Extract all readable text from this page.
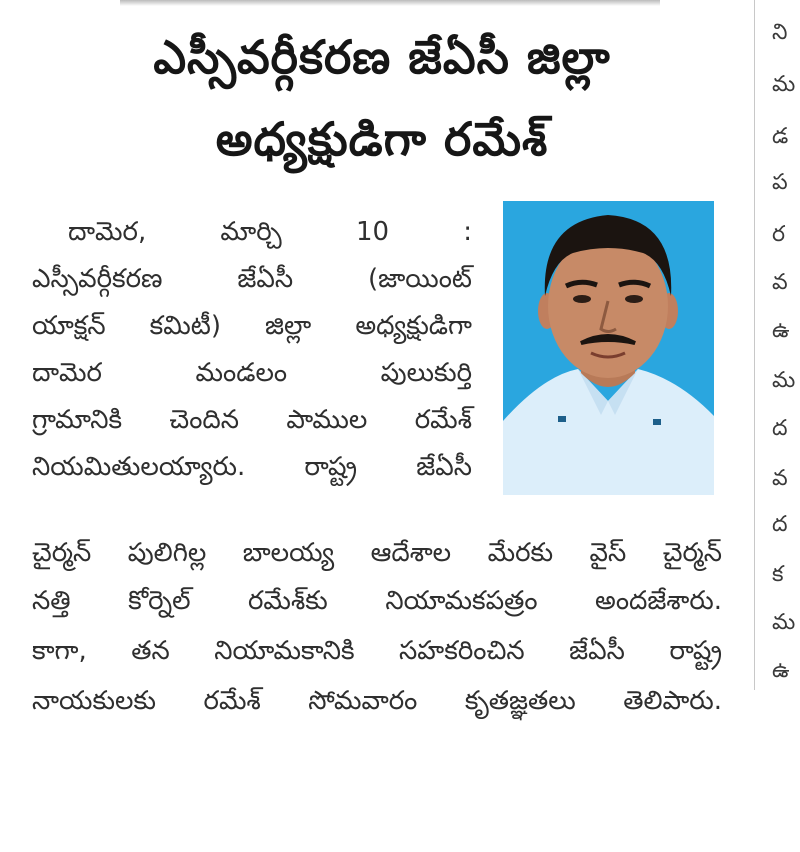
ఎస్సీవర్గీకరణ జేఏసీ జిల్లా
అధ్యక్షుడిగా రమేశ్
దామెర, మార్చి 10 :
ఎస్సీవర్గీకరణ జేఏసీ (జాయింట్
యాక్షన్ కమిటీ) జిల్లా అధ్యక్షుడిగా
దామెర మండలం పులుకుర్తి
గ్రామానికి చెందిన పాముల రమేశ్
నియమితులయ్యారు. రాష్ట్ర జేఏసీ
చైర్మన్ పులిగిల్ల బాలయ్య ఆదేశాల మేరకు వైస్ చైర్మన్
నత్తి కోర్నెల్ రమేశ్‌కు నియామకపత్రం అందజేశారు.
కాగా, తన నియామకానికి సహకరించిన జేఏసీ రాష్ట్ర
నాయకులకు రమేశ్ సోమవారం కృతజ్ఞతలు తెలిపారు.
ని
మ
డ
ప
ర
వ
ఉ
మ
ద
వ
ద
క
మ
ఉ
